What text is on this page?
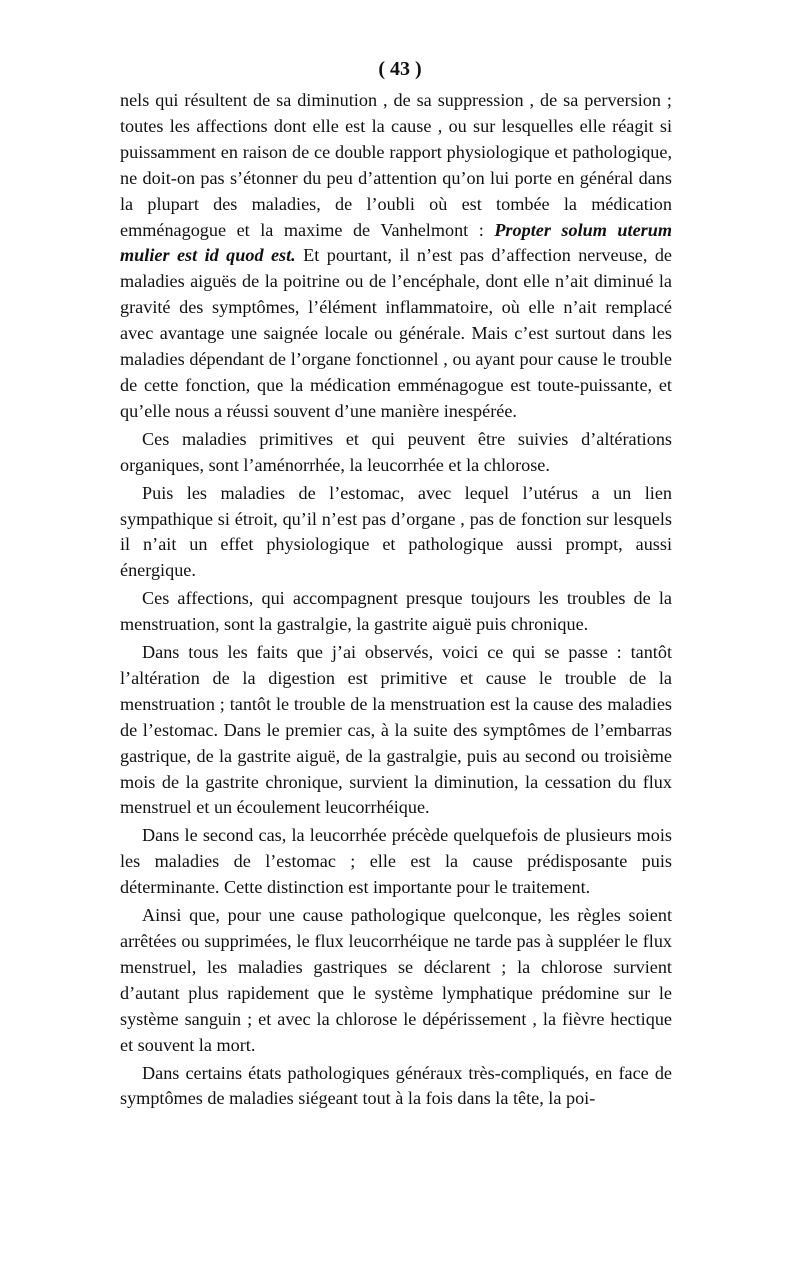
( 43 )

nels qui résultent de sa diminution , de sa suppression , de sa perversion ; toutes les affections dont elle est la cause , ou sur lesquelles elle réagit si puissamment en raison de ce double rapport physiologique et pathologique, ne doit-on pas s’étonner du peu d’attention qu’on lui porte en général dans la plupart des maladies, de l’oubli où est tombée la médication emménagogue et la maxime de Vanhelmont : Propter solum uterum mulier est id quod est. Et pourtant, il n’est pas d’affection nerveuse, de maladies aiguës de la poitrine ou de l’encéphale, dont elle n’ait diminué la gravité des symptômes, l’élément inflammatoire, où elle n’ait remplacé avec avantage une saignée locale ou générale. Mais c’est surtout dans les maladies dépendant de l’organe fonctionnel , ou ayant pour cause le trouble de cette fonction, que la médication emménagogue est toute-puissante, et qu’elle nous a réussi souvent d’une manière inespérée.

Ces maladies primitives et qui peuvent être suivies d’altérations organiques, sont l’aménorrhée, la leucorrhée et la chlorose.

Puis les maladies de l’estomac, avec lequel l’utérus a un lien sympathique si étroit, qu’il n’est pas d’organe , pas de fonction sur lesquels il n’ait un effet physiologique et pathologique aussi prompt, aussi énergique.

Ces affections, qui accompagnent presque toujours les troubles de la menstruation, sont la gastralgie, la gastrite aiguë puis chronique.

Dans tous les faits que j’ai observés, voici ce qui se passe : tantôt l’altération de la digestion est primitive et cause le trouble de la menstruation ; tantôt le trouble de la menstruation est la cause des maladies de l’estomac. Dans le premier cas, à la suite des symptômes de l’embarras gastrique, de la gastrite aiguë, de la gastralgie, puis au second ou troisième mois de la gastrite chronique, survient la diminution, la cessation du flux menstruel et un écoulement leucorrhéique.

Dans le second cas, la leucorrhée précède quelquefois de plusieurs mois les maladies de l’estomac ; elle est la cause prédisposante puis déterminante. Cette distinction est importante pour le traitement.

Ainsi que, pour une cause pathologique quelconque, les règles soient arrêtées ou supprimées, le flux leucorrhéique ne tarde pas à suppléer le flux menstruel, les maladies gastriques se déclarent ; la chlorose survient d’autant plus rapidement que le système lymphatique prédomine sur le système sanguin ; et avec la chlorose le dépérissement , la fièvre hectique et souvent la mort.

Dans certains états pathologiques généraux très-compliqués, en face de symptômes de maladies siégeant tout à la fois dans la tête, la poi-
